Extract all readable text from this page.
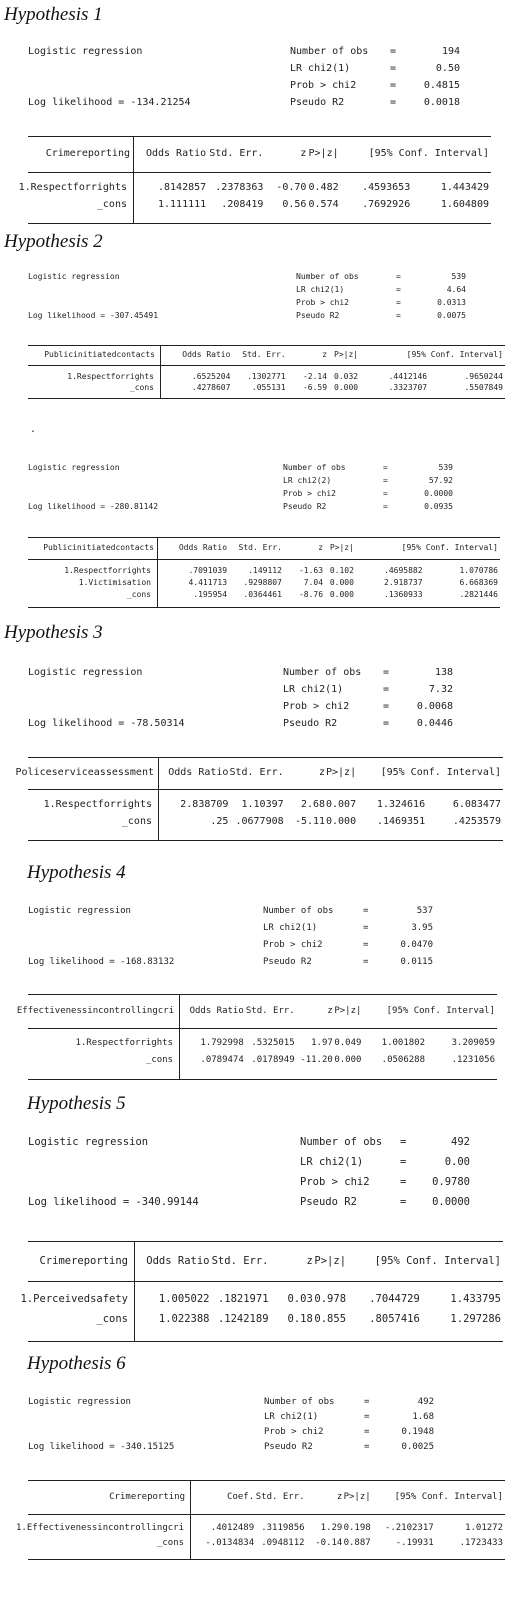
Hypothesis 1
Logistic regression	Number of obs =	194
LR chi2(1)	=	0.50
Prob > chi2	=	0.4815
Pseudo R2	=	0.0018
Log likelihood = -134.21254
Crimereporting	Odds Ratio Std. Err.	z P>|z|	[95% Conf. Interval]
1.Respectforrights	.8142857 .2378363	-0.70 0.482	.4593653	1.443429
_cons	1.111111	.208419	0.56 0.574	.7692926	1.604809
Hypothesis 2
Logistic regression	Number of obs	=	539
LR chi2(1)	=	4.64
Prob > chi2	=	0.0313
Pseudo R2	=	0.0075
Log likelihood = -307.45491
Publicinitiatedcontacts	Odds Ratio	Std. Err.	z P>|z|	[95% Conf. Interval]
1.Respectforrights	.6525204	.1302771	-2.14 0.032	.4412146	.9650244
_cons	.4278607	.055131	-6.59 0.000	.3323707	.5507849
Logistic regression	Number of obs	=	539
LR chi2(2)	=	57.92
Prob > chi2	=	0.0000
Pseudo R2	=	0.0935
Log likelihood = -280.81142
Publicinitiatedcontacts	Odds Ratio	Std. Err.	z P>|z|	[95% Conf. Interval]
1.Respectforrights	.7091039	.149112	-1.63 0.102	.4695882	1.070786
1.Victimisation	4.411713	.9298807	7.04 0.000	2.918737	6.668369
_cons	.195954	.0364461	-8.76 0.000	.1360933	.2821446
Hypothesis 3
Logistic regression	Number of obs =	138
LR chi2(1)	=	7.32
Prob > chi2	=	0.0068
Pseudo R2	=	0.0446
Log likelihood = -78.50314
Policeserviceassessment	Odds Ratio Std. Err.	z P>|z|	[95% Conf. Interval]
1.Respectforrights	2.838709	1.10397	2.68 0.007	1.324616	6.083477
_cons	.25 .0677908	-5.11 0.000	.1469351	.4253579
Hypothesis 4
Logistic regression	Number of obs	=	537
LR chi2(1)	=	3.95
Prob > chi2	=	0.0470
Pseudo R2	=	0.0115
Log likelihood = -168.83132
Effectivenessincontrollingcri	Odds Ratio Std. Err.	z P>|z|	[95% Conf. Interval]
1.Respectforrights	1.792998 .5325015	1.97 0.049	1.001802	3.209059
_cons	.0789474 .0178949 -11.20 0.000	.0506288	.1231056
Hypothesis 5
Logistic regression	Number of obs =	492
LR chi2(1)	=	0.00
Prob > chi2	=	0.9780
Pseudo R2	=	0.0000
Log likelihood = -340.99144
Crimereporting	Odds Ratio Std. Err.	z P>|z|	[95% Conf. Interval]
1.Perceivedsafety	1.005022 .1821971	0.03 0.978	.7044729	1.433795
_cons	1.022388 .1242189	0.18 0.855	.8057416	1.297286
Hypothesis 6
Logistic regression	Number of obs	=	492
LR chi2(1)	=	1.68
Prob > chi2	=	0.1948
Pseudo R2	=	0.0025
Log likelihood = -340.15125
Crimereporting	Coef. Std. Err.	z P>|z|	[95% Conf. Interval]
1.Effectivenessincontrollingcri	.4012489 .3119856	1.29 0.198	-.2102317	1.01272
_cons	-.0134834 .0948112	-0.14 0.887	-.19931	.1723433
.
